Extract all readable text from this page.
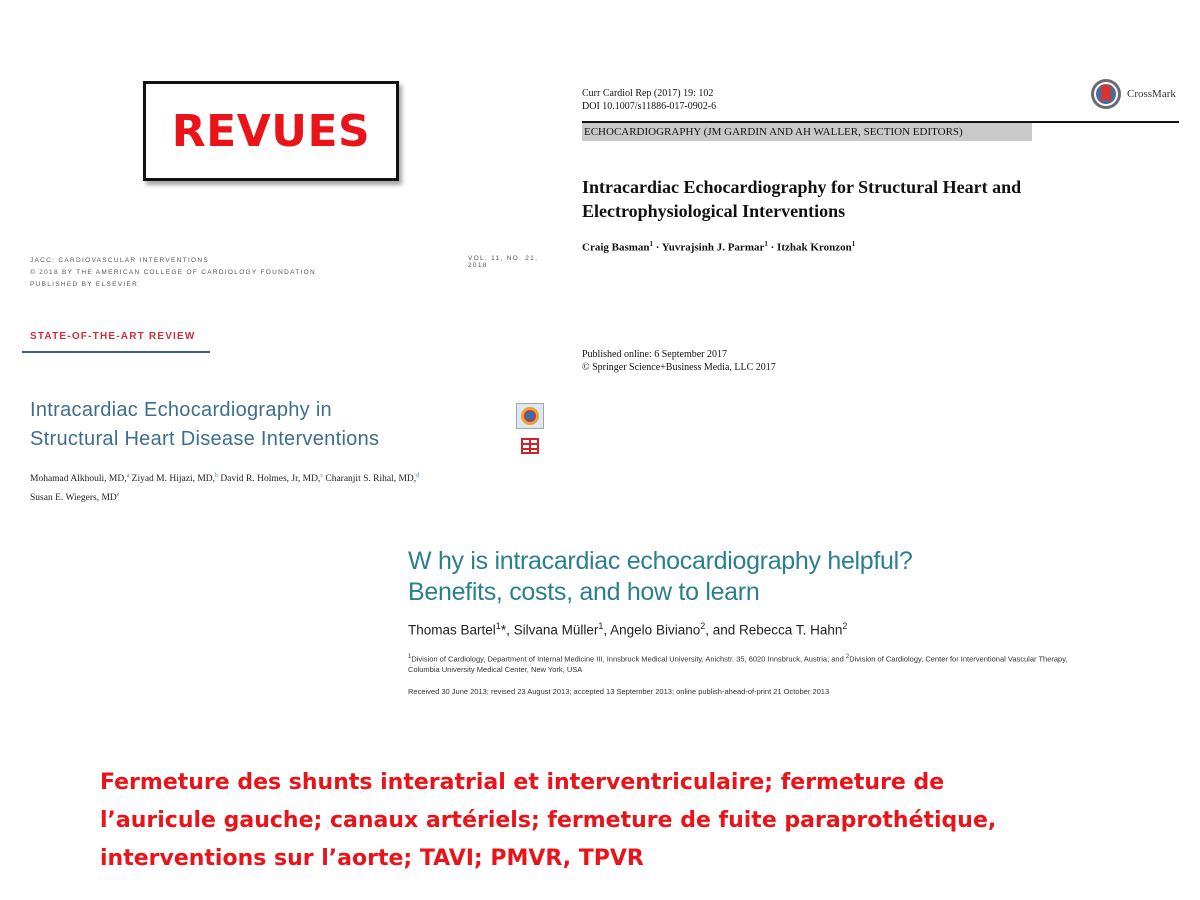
REVUES
Curr Cardiol Rep (2017) 19: 102
DOI 10.1007/s11886-017-0902-6
CrossMark
ECHOCARDIOGRAPHY (JM GARDIN AND AH WALLER, SECTION EDITORS)
Intracardiac Echocardiography for Structural Heart and Electrophysiological Interventions
Craig Basman$^1$ · Yuvrajsinh J. Parmar$^1$ · Itzhak Kronzon$^1$
Published online: 6 September 2017
© Springer Science+Business Media, LLC 2017
JACC: CARDIOVASCULAR INTERVENTIONS
© 2018 BY THE AMERICAN COLLEGE OF CARDIOLOGY FOUNDATION
PUBLISHED BY ELSEVIER
VOL. 11, NO. 21, 2018
STATE-OF-THE-ART REVIEW
Intracardiac Echocardiography in
Structural Heart Disease Interventions
Mohamad Alkhouli, MD,$^a$ Ziyad M. Hijazi, MD,$^b$ David R. Holmes, Jr, MD,$^c$ Charanjit S. Rihal, MD,$^d$
Susan E. Wiegers, MDe
W hy is intracardiac echocardiography helpful?
Benefits, costs, and how to learn
Thomas Bartel$^1$*, Silvana Müller$^1$, Angelo Biviano$^2$, and Rebecca T. Hahn$^2$
$^1$Division of Cardiology, Department of Internal Medicine III, Innsbruck Medical University, Anichstr. 35, 6020 Innsbruck, Austria; and $^2$Division of Cardiology, Center for Interventional Vascular Therapy, Columbia University Medical Center, New York, USA
Received 30 June 2013; revised 23 August 2013; accepted 13 September 2013; online publish-ahead-of-print 21 October 2013
Fermeture des shunts interatrial et interventriculaire; fermeture de
l’auricule gauche; canaux artériels; fermeture de fuite paraprothétique,
interventions sur l’aorte; TAVI; PMVR, TPVR
